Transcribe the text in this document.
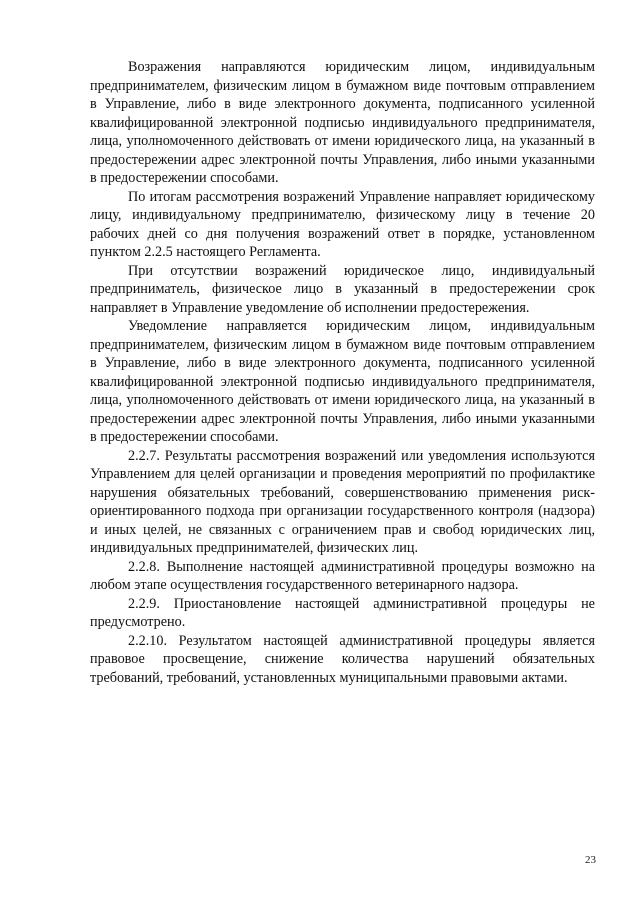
Возражения направляются юридическим лицом, индивидуальным предпринимателем, физическим лицом в бумажном виде почтовым отправлением в Управление, либо в виде электронного документа, подписанного усиленной квалифицированной электронной подписью индивидуального предпринимателя, лица, уполномоченного действовать от имени юридического лица, на указанный в предостережении адрес электронной почты Управления, либо иными указанными в предостережении способами.

По итогам рассмотрения возражений Управление направляет юридическому лицу, индивидуальному предпринимателю, физическому лицу в течение 20 рабочих дней со дня получения возражений ответ в порядке, установленном пунктом 2.2.5 настоящего Регламента.

При отсутствии возражений юридическое лицо, индивидуальный предприниматель, физическое лицо в указанный в предостережении срок направляет в Управление уведомление об исполнении предостережения.

Уведомление направляется юридическим лицом, индивидуальным предпринимателем, физическим лицом в бумажном виде почтовым отправлением в Управление, либо в виде электронного документа, подписанного усиленной квалифицированной электронной подписью индивидуального предпринимателя, лица, уполномоченного действовать от имени юридического лица, на указанный в предостережении адрес электронной почты Управления, либо иными указанными в предостережении способами.

2.2.7. Результаты рассмотрения возражений или уведомления используются Управлением для целей организации и проведения мероприятий по профилактике нарушения обязательных требований, совершенствованию применения риск-ориентированного подхода при организации государственного контроля (надзора) и иных целей, не связанных с ограничением прав и свобод юридических лиц, индивидуальных предпринимателей, физических лиц.

2.2.8. Выполнение настоящей административной процедуры возможно на любом этапе осуществления государственного ветеринарного надзора.

2.2.9. Приостановление настоящей административной процедуры не предусмотрено.

2.2.10. Результатом настоящей административной процедуры является правовое просвещение, снижение количества нарушений обязательных требований, требований, установленных муниципальными правовыми актами.

23
